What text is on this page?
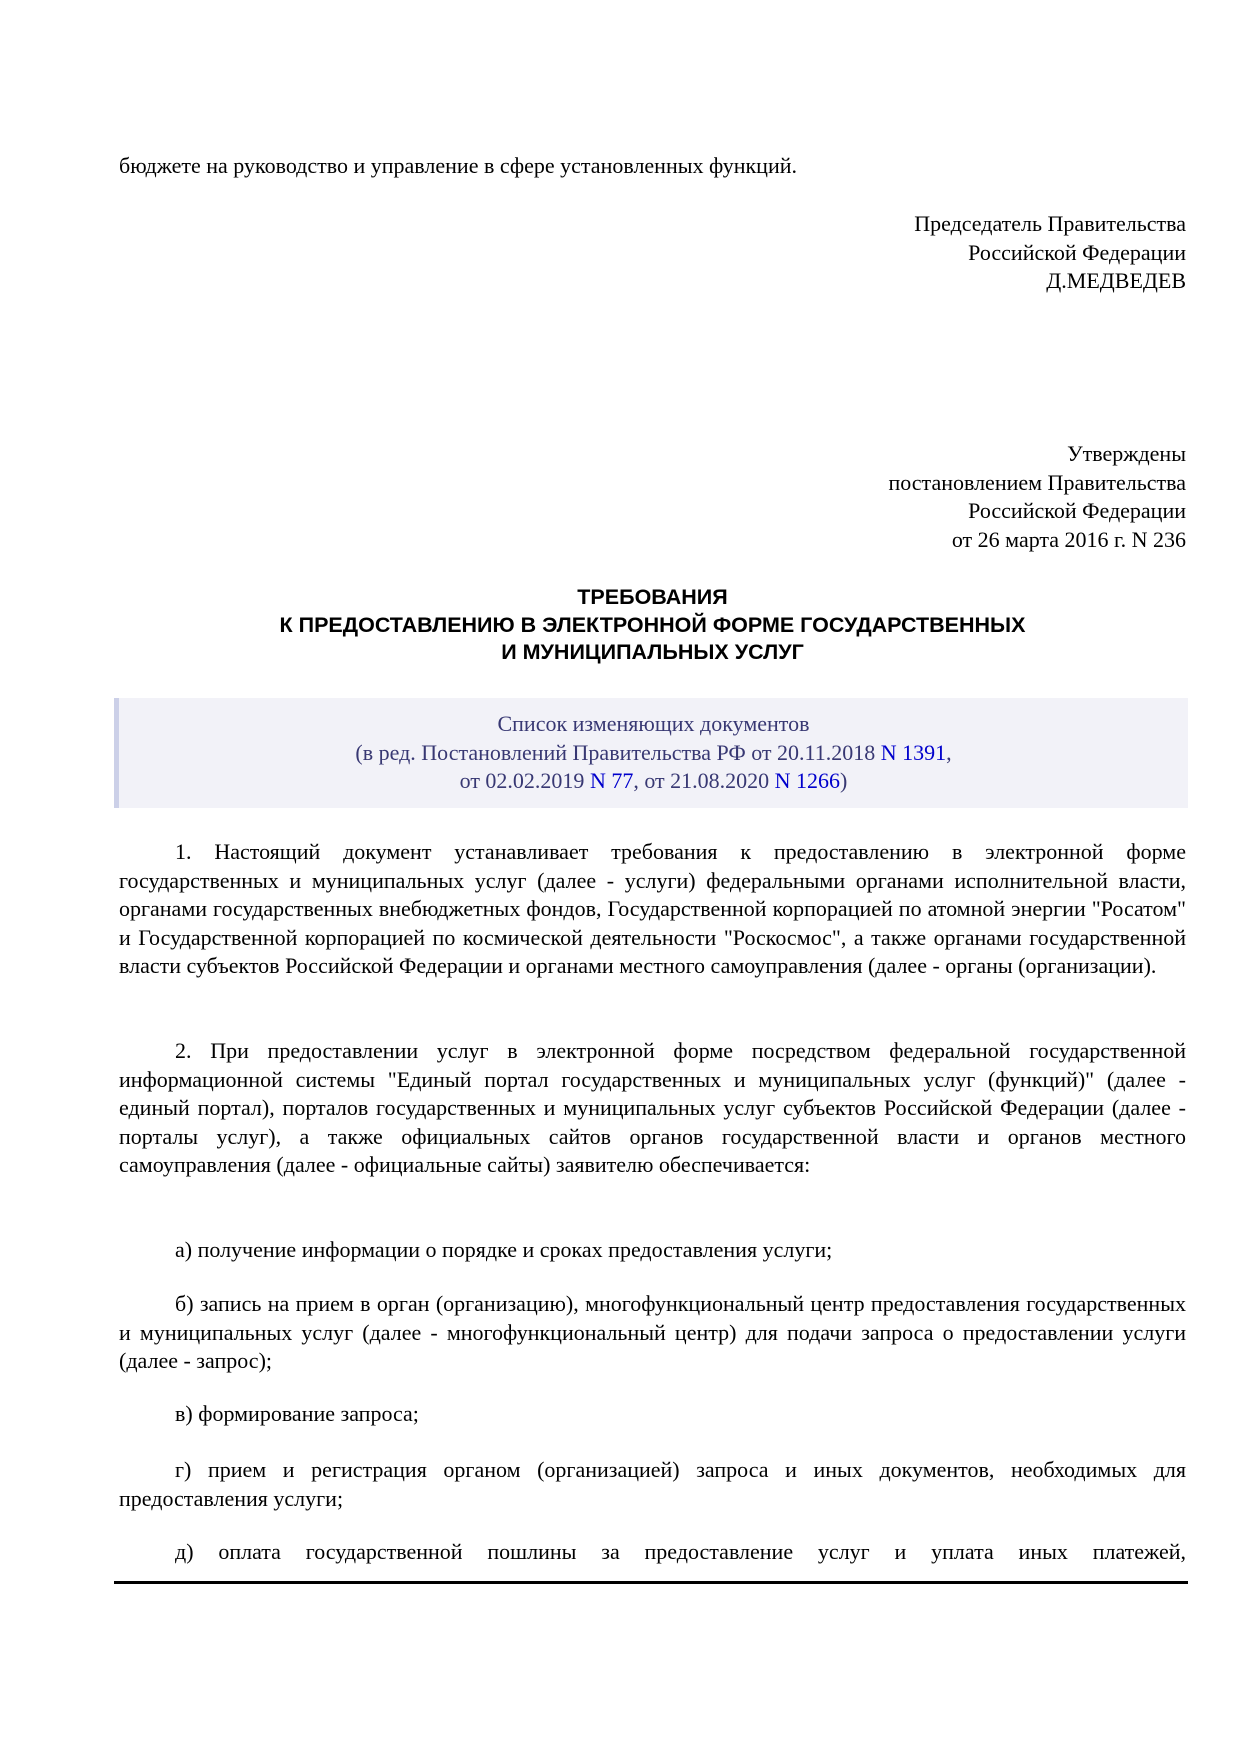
бюджете на руководство и управление в сфере установленных функций.
Председатель Правительства
Российской Федерации
Д.МЕДВЕДЕВ
Утверждены
постановлением Правительства
Российской Федерации
от 26 марта 2016 г. N 236
ТРЕБОВАНИЯ
К ПРЕДОСТАВЛЕНИЮ В ЭЛЕКТРОННОЙ ФОРМЕ ГОСУДАРСТВЕННЫХ
И МУНИЦИПАЛЬНЫХ УСЛУГ
Список изменяющих документов
(в ред. Постановлений Правительства РФ от 20.11.2018 N 1391,
от 02.02.2019 N 77, от 21.08.2020 N 1266)
1. Настоящий документ устанавливает требования к предоставлению в электронной форме государственных и муниципальных услуг (далее - услуги) федеральными органами исполнительной власти, органами государственных внебюджетных фондов, Государственной корпорацией по атомной энергии "Росатом" и Государственной корпорацией по космической деятельности "Роскосмос", а также органами государственной власти субъектов Российской Федерации и органами местного самоуправления (далее - органы (организации).
2. При предоставлении услуг в электронной форме посредством федеральной государственной информационной системы "Единый портал государственных и муниципальных услуг (функций)" (далее - единый портал), порталов государственных и муниципальных услуг субъектов Российской Федерации (далее - порталы услуг), а также официальных сайтов органов государственной власти и органов местного самоуправления (далее - официальные сайты) заявителю обеспечивается:
а) получение информации о порядке и сроках предоставления услуги;
б) запись на прием в орган (организацию), многофункциональный центр предоставления государственных и муниципальных услуг (далее - многофункциональный центр) для подачи запроса о предоставлении услуги (далее - запрос);
в) формирование запроса;
г) прием и регистрация органом (организацией) запроса и иных документов, необходимых для предоставления услуги;
д) оплата государственной пошлины за предоставление услуг и уплата иных платежей,
